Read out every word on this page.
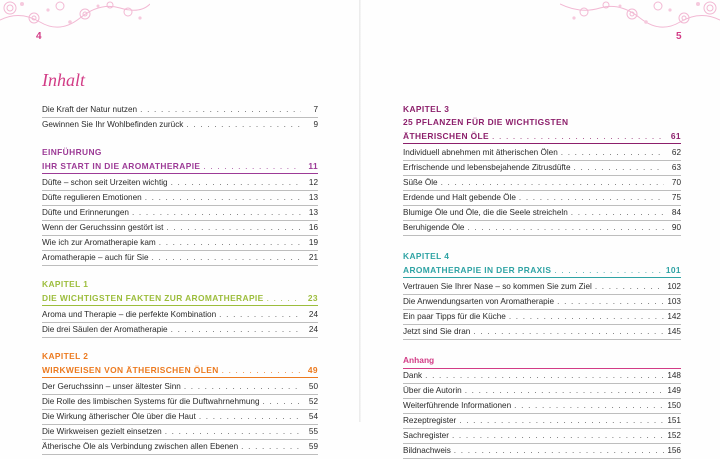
4	5
Inhalt
Die Kraft der Natur nutzen . . .	7
Gewinnen Sie Ihr Wohlbefinden zurück . . .	9
EINFÜHRUNG
IHR START IN DIE AROMATHERAPIE . . .	11
Düfte – schon seit Urzeiten wichtig . . .	12
Düfte regulieren Emotionen . . .	13
Düfte und Erinnerungen . . .	13
Wenn der Geruchssinn gestört ist . . .	16
Wie ich zur Aromatherapie kam . . .	19
Aromatherapie – auch für Sie . . .	21
KAPITEL 1
DIE WICHTIGSTEN FAKTEN ZUR AROMATHERAPIE . . .	23
Aroma und Therapie – die perfekte Kombination . . .	24
Die drei Säulen der Aromatherapie . . .	24
KAPITEL 2
WIRKWEISEN VON ÄTHERISCHEN ÖLEN . . .	49
Der Geruchssinn – unser ältester Sinn . . .	50
Die Rolle des limbischen Systems für die Duftwahrnehmung . . .	52
Die Wirkung ätherischer Öle über die Haut . . .	54
Die Wirkweisen gezielt einsetzen . . .	55
Ätherische Öle als Verbindung zwischen allen Ebenen . . .	59
KAPITEL 3
25 PFLANZEN FÜR DIE WICHTIGSTEN
ÄTHERISCHEN ÖLE . . .	61
Individuell abnehmen mit ätherischen Ölen . . .	62
Erfrischende und lebensbejahende Zitrusdüfte . . .	63
Süße Öle . . .	70
Erdende und Halt gebende Öle . . .	75
Blumige Öle und Öle, die die Seele streicheln . . .	84
Beruhigende Öle . . .	90
KAPITEL 4
AROMATHERAPIE IN DER PRAXIS . . .	101
Vertrauen Sie Ihrer Nase – so kommen Sie zum Ziel . . .	102
Die Anwendungsarten von Aromatherapie . . .	103
Ein paar Tipps für die Küche . . .	142
Jetzt sind Sie dran . . .	145
Anhang
Dank . . .	148
Über die Autorin . . .	149
Weiterführende Informationen . . .	150
Rezeptregister . . .	151
Sachregister . . .	152
Bildnachweis . . .	156
